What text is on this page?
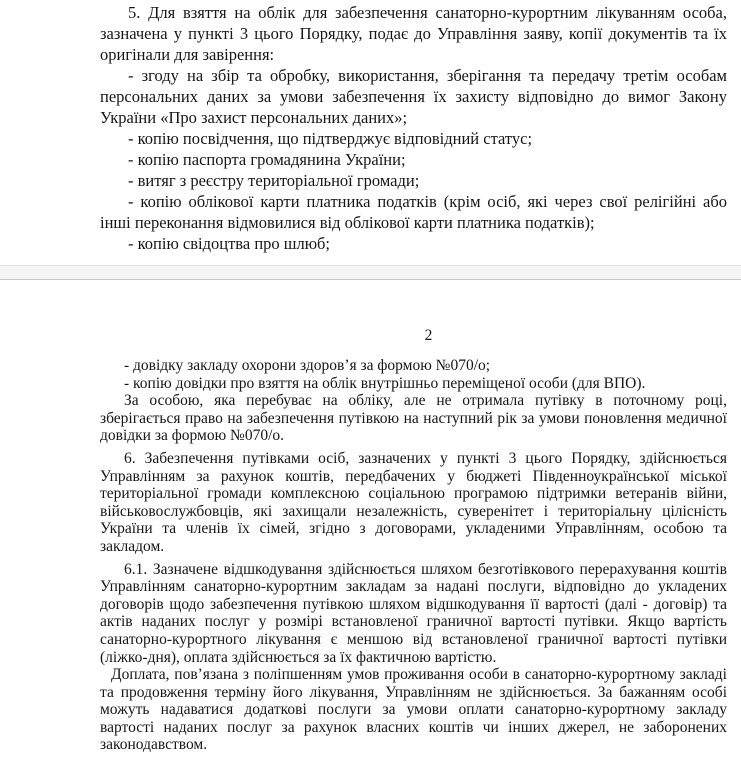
5. Для взяття на облік для забезпечення санаторно-курортним лікуванням особа, зазначена у пункті 3 цього Порядку, подає до Управління заяву, копії документів та їх оригінали для завірення:

- згоду на збір та обробку, використання, зберігання та передачу третім особам персональних даних за умови забезпечення їх захисту відповідно до вимог Закону України «Про захист персональних даних»;

- копію посвідчення, що підтверджує відповідний статус;

- копію паспорта громадянина України;

- витяг з реєстру територіальної громади;

- копію облікової карти платника податків (крім осіб, які через свої релігійні або інші переконання відмовилися від облікової карти платника податків);

- копію свідоцтва про шлюб;

2

- довідку закладу охорони здоров’я за формою №070/о;

- копію довідки про взяття на облік внутрішньо переміщеної особи (для ВПО).

За особою, яка перебуває на обліку, але не отримала путівку в поточному році, зберігається право на забезпечення путівкою на наступний рік за умови поновлення медичної довідки за формою №070/о.

6. Забезпечення путівками осіб, зазначених у пункті 3 цього Порядку, здійснюється Управлінням за рахунок коштів, передбачених у бюджеті Південноукраїнської міської територіальної громади комплексною соціальною програмою підтримки ветеранів війни, військовослужбовців, які захищали незалежність, суверенітет і територіальну цілісність України та членів їх сімей, згідно з договорами, укладеними Управлінням, особою та закладом.

6.1. Зазначене відшкодування здійснюється шляхом безготівкового перерахування коштів Управлінням санаторно-курортним закладам за надані послуги, відповідно до укладених договорів щодо забезпечення путівкою шляхом відшкодування її вартості (далі - договір) та актів наданих послуг у розмірі встановленої граничної вартості путівки. Якщо вартість санаторно-курортного лікування є меншою від встановленої граничної вартості путівки (ліжко-дня), оплата здійснюється за їх фактичною вартістю.

Доплата, пов’язана з поліпшенням умов проживання особи в санаторно-курортному закладі та продовження терміну його лікування, Управлінням не здійснюється. За бажанням особі можуть надаватися додаткові послуги за умови оплати санаторно-курортному закладу вартості наданих послуг за рахунок власних коштів чи інших джерел, не заборонених законодавством.
